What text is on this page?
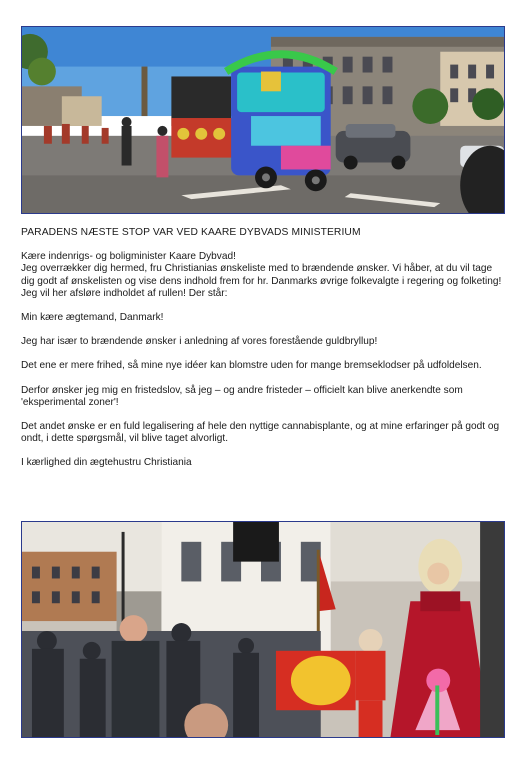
PARADENS NÆSTE STOP VAR VED KAARE DYBVADS MINISTERIUM

Kære indenrigs- og boligminister Kaare Dybvad!

Jeg overrækker dig hermed, fru Christianias ønskeliste med to brændende ønsker. Vi håber, at du vil tage dig godt af ønskelisten og vise dens indhold frem for hr. Danmarks øvrige folkevalgte i regering og folketing! Jeg vil her afsløre indholdet af rullen! Der står:

Min kære ægtemand, Danmark!

Jeg har især to brændende ønsker i anledning af vores forestående guldbryllup!

Det ene er mere frihed, så mine nye idéer kan blomstre uden for mange bremseklodser på udfoldelsen.

Derfor ønsker jeg mig en fristedslov, så jeg – og andre fristeder – officielt kan blive anerkendte som 'eksperimental zoner'!

Det andet ønske er en fuld legalisering af hele den nyttige cannabisplante, og at mine erfaringer på godt og ondt, i dette spørgsmål, vil blive taget alvorligt.

I kærlighed din ægtehustru Christiania
